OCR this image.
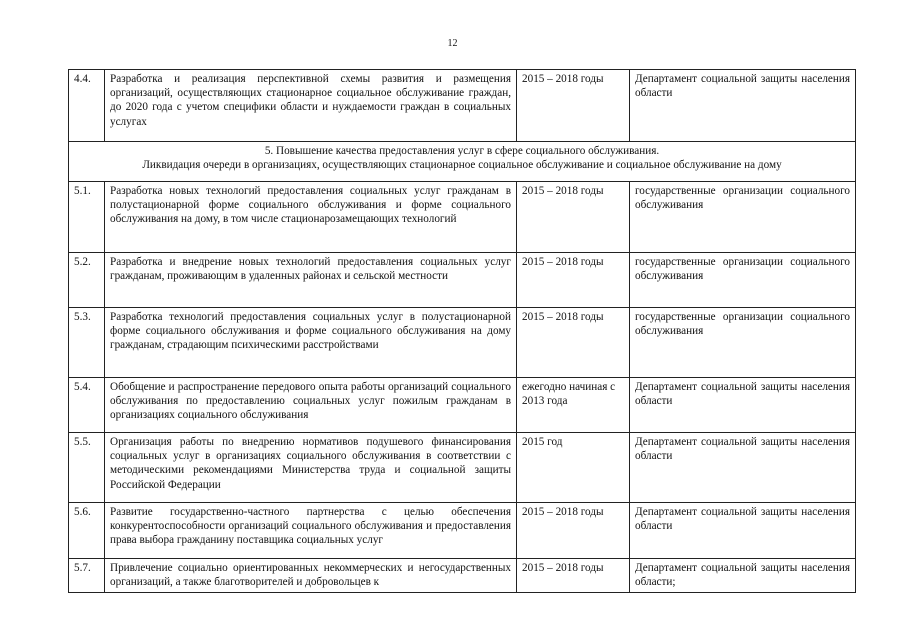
12
4.4.	Разработка и реализация перспективной схемы развития и размещения организаций, осуществляющих стационарное социальное обслуживание граждан, до 2020 года с учетом специфики области и нуждаемости граждан в социальных услугах	2015 – 2018 годы	Департамент социальной защиты населения области

5. Повышение качества предоставления услуг в сфере социального обслуживания.
Ликвидация очереди в организациях, осуществляющих стационарное социальное обслуживание и социальное обслуживание на дому			

5.1.	Разработка новых технологий предоставления социальных услуг гражданам в полустационарной форме социального обслуживания и форме социального обслуживания на дому, в том числе стационарозамещающих технологий	2015 – 2018 годы	государственные организации социального обслуживания
5.2.	Разработка и внедрение новых технологий предоставления социальных услуг гражданам, проживающим в удаленных районах и сельской местности	2015 – 2018 годы	государственные организации социального обслуживания
5.3.	Разработка технологий предоставления социальных услуг в полустационарной форме социального обслуживания и форме социального обслуживания на дому гражданам, страдающим психическими расстройствами	2015 – 2018 годы	государственные организации социального обслуживания
5.4.	Обобщение и распространение передового опыта работы организаций социального обслуживания по предоставлению социальных услуг пожилым гражданам в организациях социального обслуживания	ежегодно начиная с 2013 года	Департамент социальной защиты населения области
5.5.	Организация работы по внедрению нормативов подушевого финансирования социальных услуг в организациях социального обслуживания в соответствии с методическими рекомендациями Министерства труда и социальной защиты Российской Федерации	2015 год	Департамент социальной защиты населения области
5.6.	Развитие государственно-частного партнерства с целью обеспечения конкурентоспособности организаций социального обслуживания и предоставления права выбора гражданину поставщика социальных услуг	2015 – 2018 годы	Департамент социальной защиты населения области

5.7.	Привлечение социально ориентированных некоммерческих и негосударственных организаций, а также благотворителей и добровольцев к	2015 – 2018 годы	Департамент социальной защиты населения области;
